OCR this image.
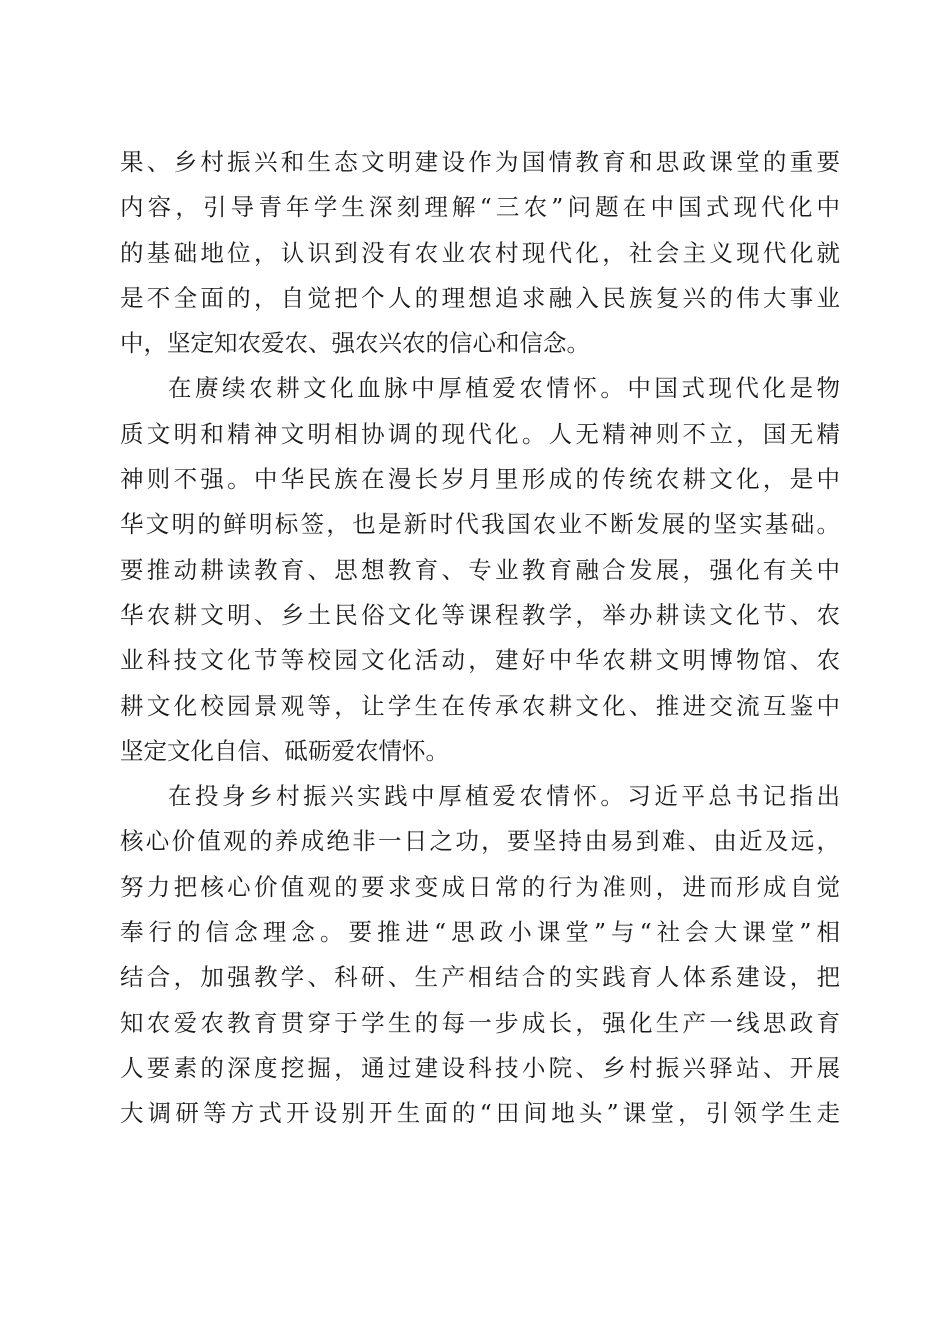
果、乡村振兴和生态文明建设作为国情教育和思政课堂的重要
内容，引导青年学生深刻理解“三农”问题在中国式现代化中
的基础地位，认识到没有农业农村现代化，社会主义现代化就
是不全面的，自觉把个人的理想追求融入民族复兴的伟大事业
中，坚定知农爱农、强农兴农的信心和信念。
在赓续农耕文化血脉中厚植爱农情怀。中国式现代化是物
质文明和精神文明相协调的现代化。人无精神则不立，国无精
神则不强。中华民族在漫长岁月里形成的传统农耕文化，是中
华文明的鲜明标签，也是新时代我国农业不断发展的坚实基础。
要推动耕读教育、思想教育、专业教育融合发展，强化有关中
华农耕文明、乡土民俗文化等课程教学，举办耕读文化节、农
业科技文化节等校园文化活动，建好中华农耕文明博物馆、农
耕文化校园景观等，让学生在传承农耕文化、推进交流互鉴中
坚定文化自信、砥砺爱农情怀。
在投身乡村振兴实践中厚植爱农情怀。习近平总书记指出
核心价值观的养成绝非一日之功，要坚持由易到难、由近及远，
努力把核心价值观的要求变成日常的行为准则，进而形成自觉
奉行的信念理念。要推进“思政小课堂”与“社会大课堂”相
结合，加强教学、科研、生产相结合的实践育人体系建设，把
知农爱农教育贯穿于学生的每一步成长，强化生产一线思政育
人要素的深度挖掘，通过建设科技小院、乡村振兴驿站、开展
大调研等方式开设别开生面的“田间地头”课堂，引领学生走
